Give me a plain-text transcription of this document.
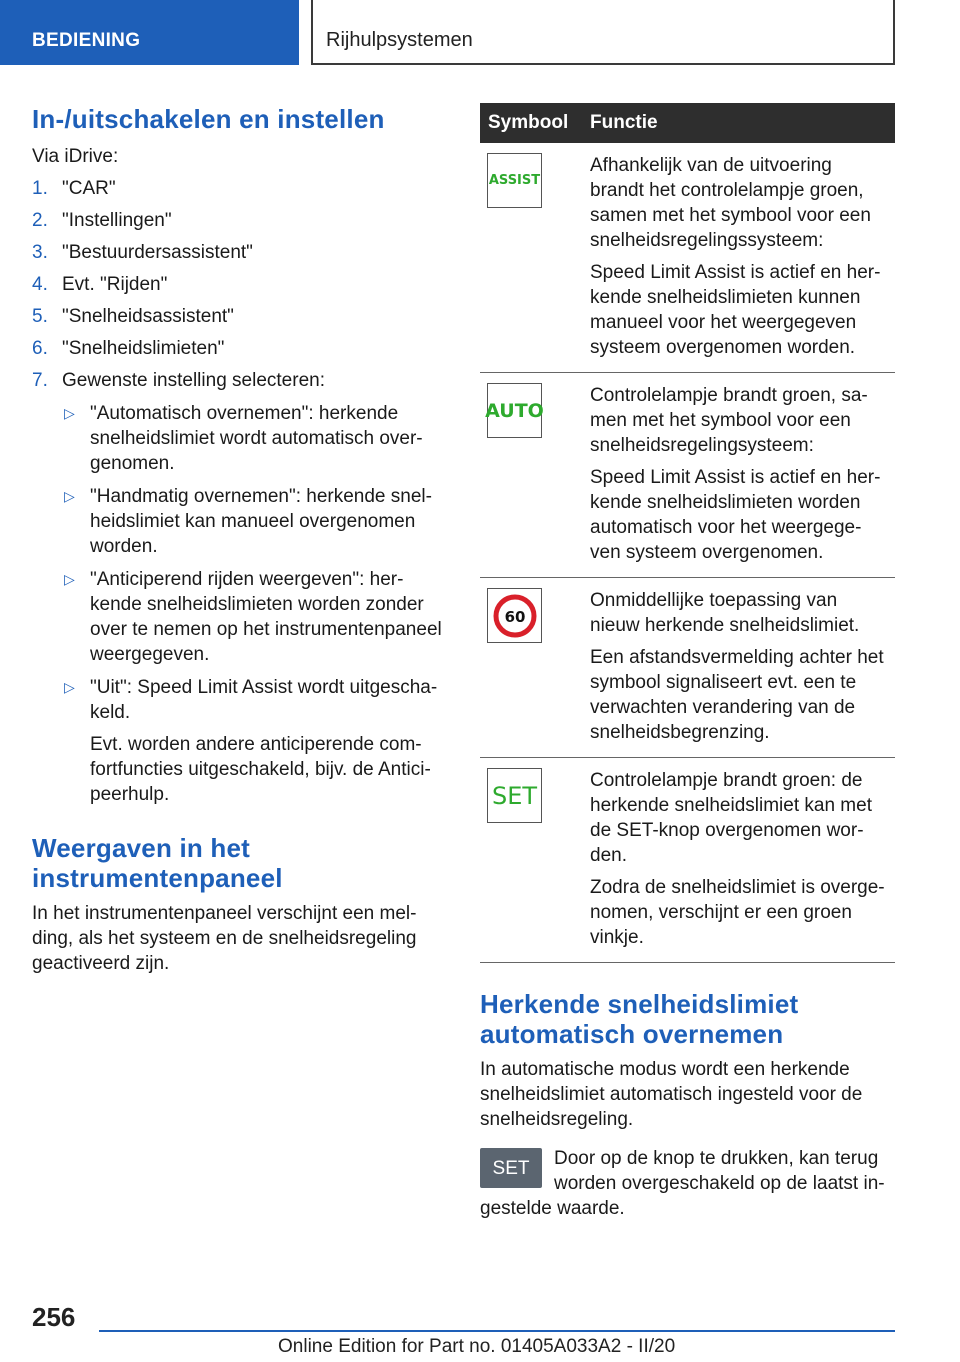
BEDIENING	Rijhulpsystemen
In-/uitschakelen en instellen
Via iDrive:
1. "CAR"
2. "Instellingen"
3. "Bestuurdersassistent"
4. Evt. "Rijden"
5. "Snelheidsassistent"
6. "Snelheidslimieten"
7. Gewenste instelling selecteren:
▷ "Automatisch overnemen": herkende snelheidslimiet wordt automatisch over-genomen.
▷ "Handmatig overnemen": herkende snel-heidslimiet kan manueel overgenomen worden.
▷ "Anticiperend rijden weergeven": her-kende snelheidslimieten worden zonder over te nemen op het instrumentenpaneel weergegeven.
▷ "Uit": Speed Limit Assist wordt uitgescha-keld.
Evt. worden andere anticiperende com-fortfuncties uitgeschakeld, bijv. de Antici-peerhulp.
Weergaven in het instrumentenpaneel
In het instrumentenpaneel verschijnt een mel-ding, als het systeem en de snelheidsregeling geactiveerd zijn.
Symbool	Functie

ASSIST	Afhankelijk van de uitvoering brandt het controlelampje groen, samen met het symbool voor een snelheidsregelingssysteem:

Speed Limit Assist is actief en her-kende snelheidslimieten kunnen manueel voor het weergegeven systeem overgenomen worden.

AUTO	Controlelampje brandt groen, sa-men met het symbool voor een snelheidsregelingsysteem:

Speed Limit Assist is actief en her-kende snelheidslimieten worden automatisch voor het weergege-ven systeem overgenomen.

60	Onmiddellijke toepassing van nieuw herkende snelheidslimiet.

Een afstandsvermelding achter het symbool signaliseert evt. een te verwachten verandering van de snelheidsbegrenzing.

SET	Controlelampje brandt groen: de herkende snelheidslimiet kan met de SET-knop overgenomen wor-den.

Zodra de snelheidslimiet is overge-nomen, verschijnt er een groen vinkje.

Herkende snelheidslimiet automatisch overnemen
In automatische modus wordt een herkende snelheidslimiet automatisch ingesteld voor de snelheidsregeling.
SET	Door op de knop te drukken, kan terug worden overgeschakeld op de laatst in-gestelde waarde.
256
Online Edition for Part no. 01405A033A2 - II/20
